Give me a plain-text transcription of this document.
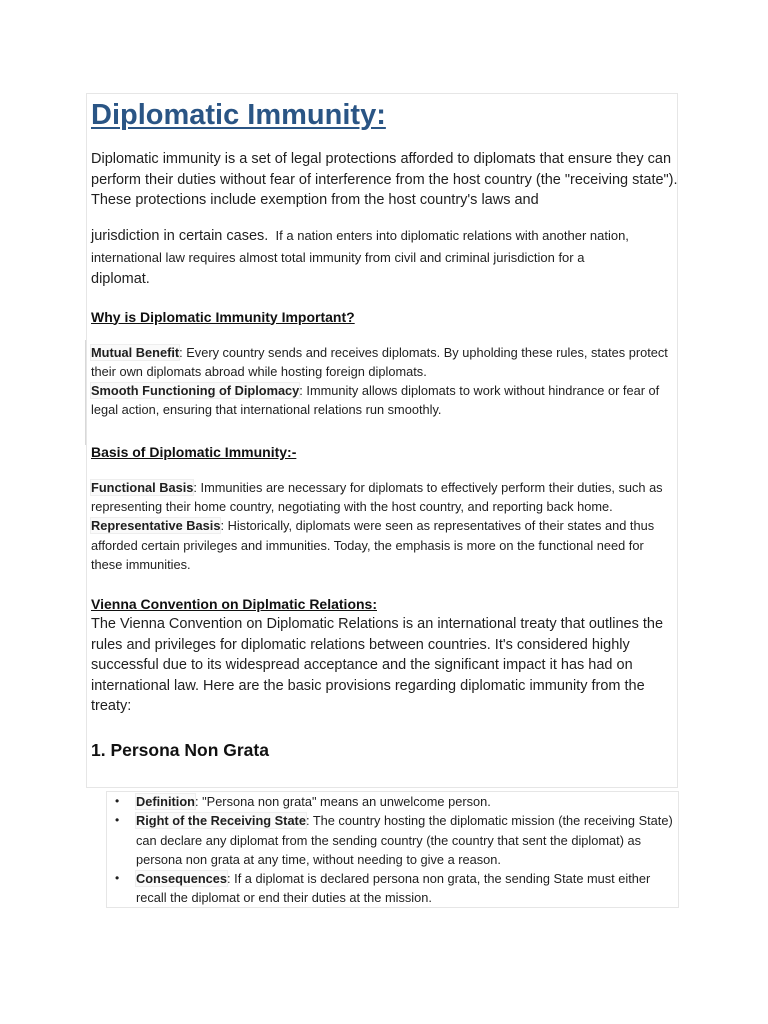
Diplomatic Immunity:

Diplomatic immunity is a set of legal protections afforded to diplomats that ensure they can perform their duties without fear of interference from the host country (the "receiving state"). These protections include exemption from the host country's laws and

jurisdiction in certain cases. If a nation enters into diplomatic relations with another nation, international law requires almost total immunity from civil and criminal jurisdiction for a

diplomat.

Why is Diplomatic Immunity Important?

Mutual Benefit: Every country sends and receives diplomats. By upholding these rules, states protect their own diplomats abroad while hosting foreign diplomats.

Smooth Functioning of Diplomacy: Immunity allows diplomats to work without hindrance or fear of legal action, ensuring that international relations run smoothly.

Basis of Diplomatic Immunity:-

Functional Basis: Immunities are necessary for diplomats to effectively perform their duties, such as representing their home country, negotiating with the host country, and reporting back home.

Representative Basis: Historically, diplomats were seen as representatives of their states and thus afforded certain privileges and immunities. Today, the emphasis is more on the functional need for these immunities.

Vienna Convention on Diplmatic Relations:

The Vienna Convention on Diplomatic Relations is an international treaty that outlines the rules and privileges for diplomatic relations between countries. It's considered highly successful due to its widespread acceptance and the significant impact it has had on international law. Here are the basic provisions regarding diplomatic immunity from the treaty:

1. Persona Non Grata
• Definition: "Persona non grata" means an unwelcome person.
• Right of the Receiving State: The country hosting the diplomatic mission (the receiving State) can declare any diplomat from the sending country (the country that sent the diplomat) as persona non grata at any time, without needing to give a reason.
• Consequences: If a diplomat is declared persona non grata, the sending State must either recall the diplomat or end their duties at the mission.
